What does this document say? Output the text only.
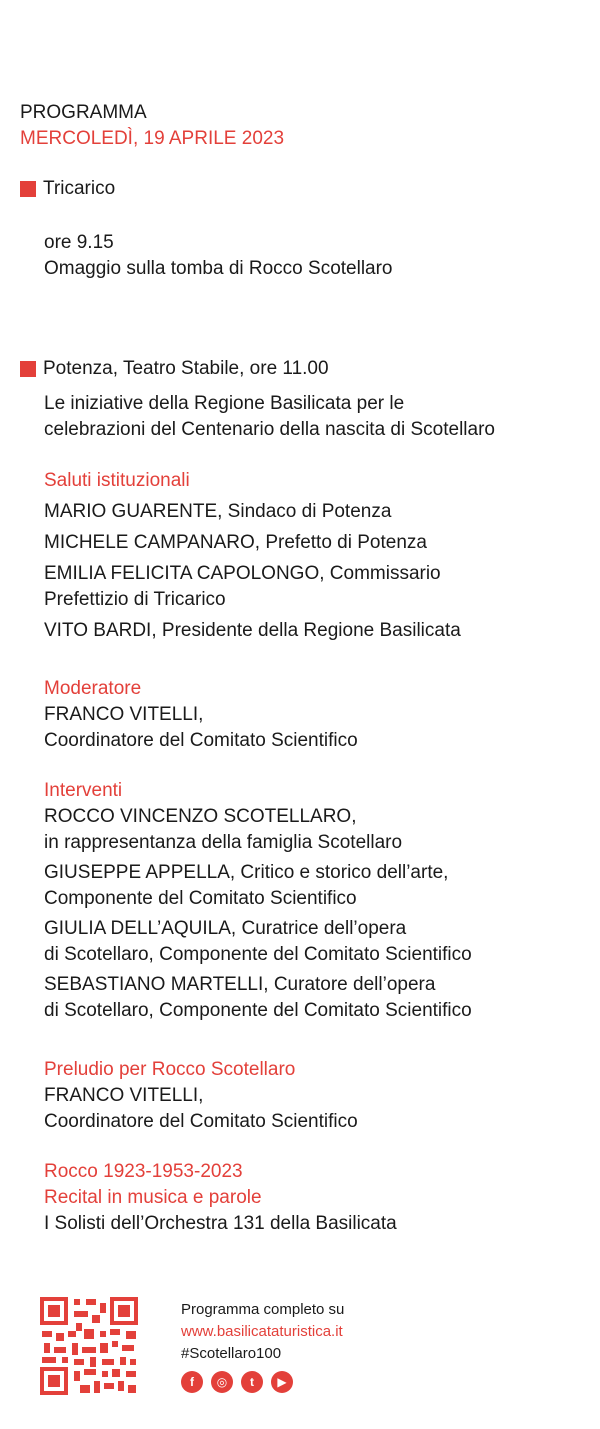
PROGRAMMA
MERCOLEDÌ, 19 APRILE 2023
Tricarico
ore 9.15
Omaggio sulla tomba di Rocco Scotellaro
Potenza , Teatro Stabile, ore 11.00
Le iniziative della Regione Basilicata per le
celebrazioni del Centenario della nascita di Scotellaro
Saluti istituzionali
MARIO GUARENTE, Sindaco di Potenza
MICHELE CAMPANARO, Prefetto di Potenza
EMILIA FELICITA CAPOLONGO, Commissario
Prefettizio di Tricarico
VITO BARDI, Presidente della Regione Basilicata
Moderatore
FRANCO VITELLI,
Coordinatore del Comitato Scientifico
Interventi
ROCCO VINCENZO SCOTELLARO,
in rappresentanza della famiglia Scotellaro
GIUSEPPE APPELLA, Critico e storico dell’arte,
Componente del Comitato Scientifico
GIULIA DELL’AQUILA, Curatrice dell’opera
di Scotellaro, Componente del Comitato Scientifico
SEBASTIANO MARTELLI, Curatore dell’opera
di Scotellaro, Componente del Comitato Scientifico
Preludio per Rocco Scotellaro
FRANCO VITELLI,
Coordinatore del Comitato Scientifico
Rocco 1923-1953-2023
Recital in musica e parole
I Solisti dell’Orchestra 131 della Basilicata
Programma completo su
www.basilicataturistica.it
#Scotellaro100
f	◎	t	▶
